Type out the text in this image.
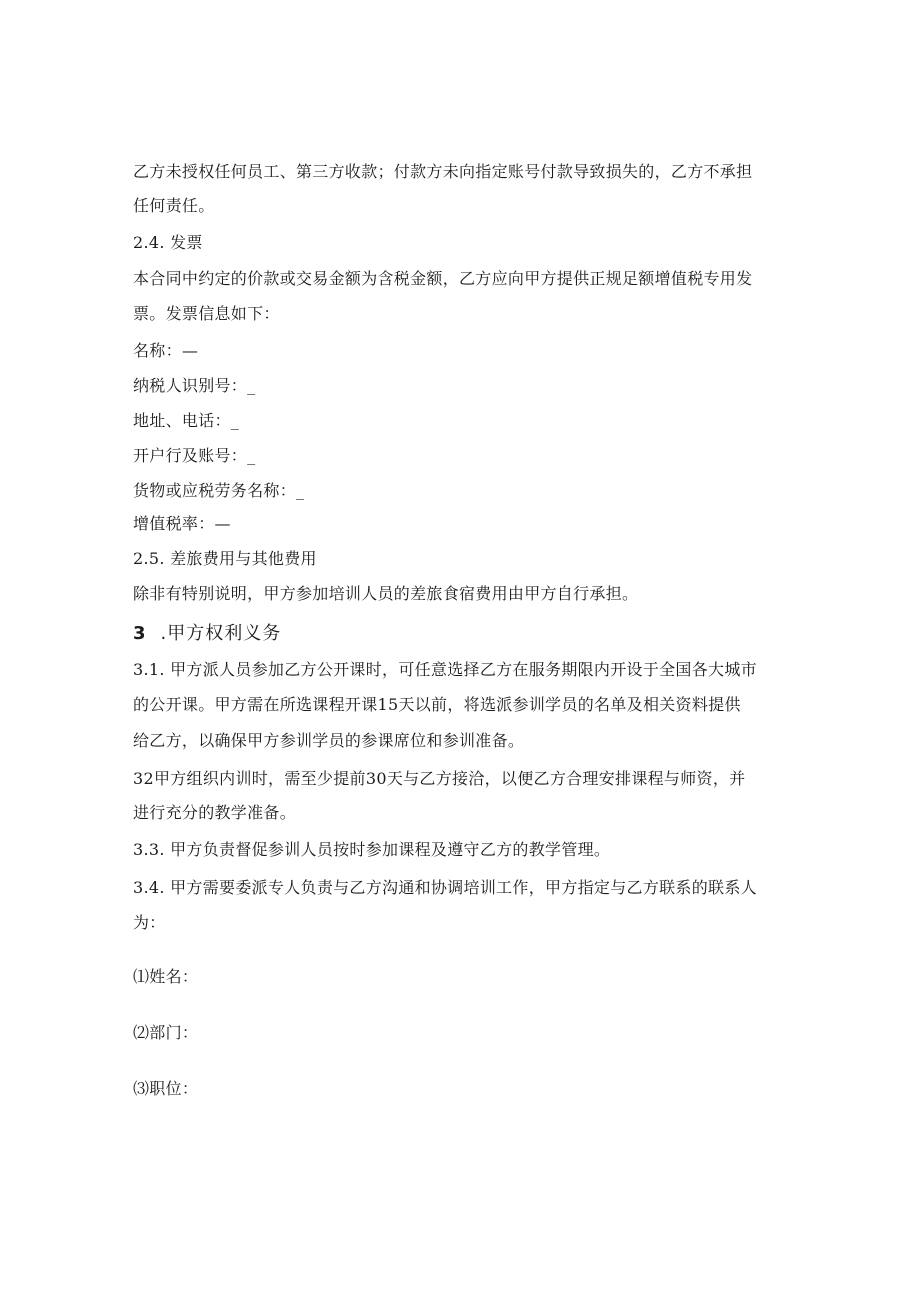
乙方未授权任何员工、第三方收款；付款方未向指定账号付款导致损失的，乙方不承担
任何责任。
2.4. 发票
本合同中约定的价款或交易金额为含税金额，乙方应向甲方提供正规足额增值税专用发
票。发票信息如下：
名称：—
纳税人识别号：_
地址、电话：_
开户行及账号：_
货物或应税劳务名称：_
增值税率：—
2.5. 差旅费用与其他费用
除非有特别说明，甲方参加培训人员的差旅食宿费用由甲方自行承担。
3 .甲方权利义务
3.1. 甲方派人员参加乙方公开课时，可任意选择乙方在服务期限内开设于全国各大城市
的公开课。甲方需在所选课程开课15天以前，将选派参训学员的名单及相关资料提供
给乙方，以确保甲方参训学员的参课席位和参训准备。
32甲方组织内训时，需至少提前30天与乙方接洽，以便乙方合理安排课程与师资，并
进行充分的教学准备。
3.3. 甲方负责督促参训人员按时参加课程及遵守乙方的教学管理。
3.4. 甲方需要委派专人负责与乙方沟通和协调培训工作，甲方指定与乙方联系的联系人
为：
⑴姓名：
⑵部门：
⑶职位：
